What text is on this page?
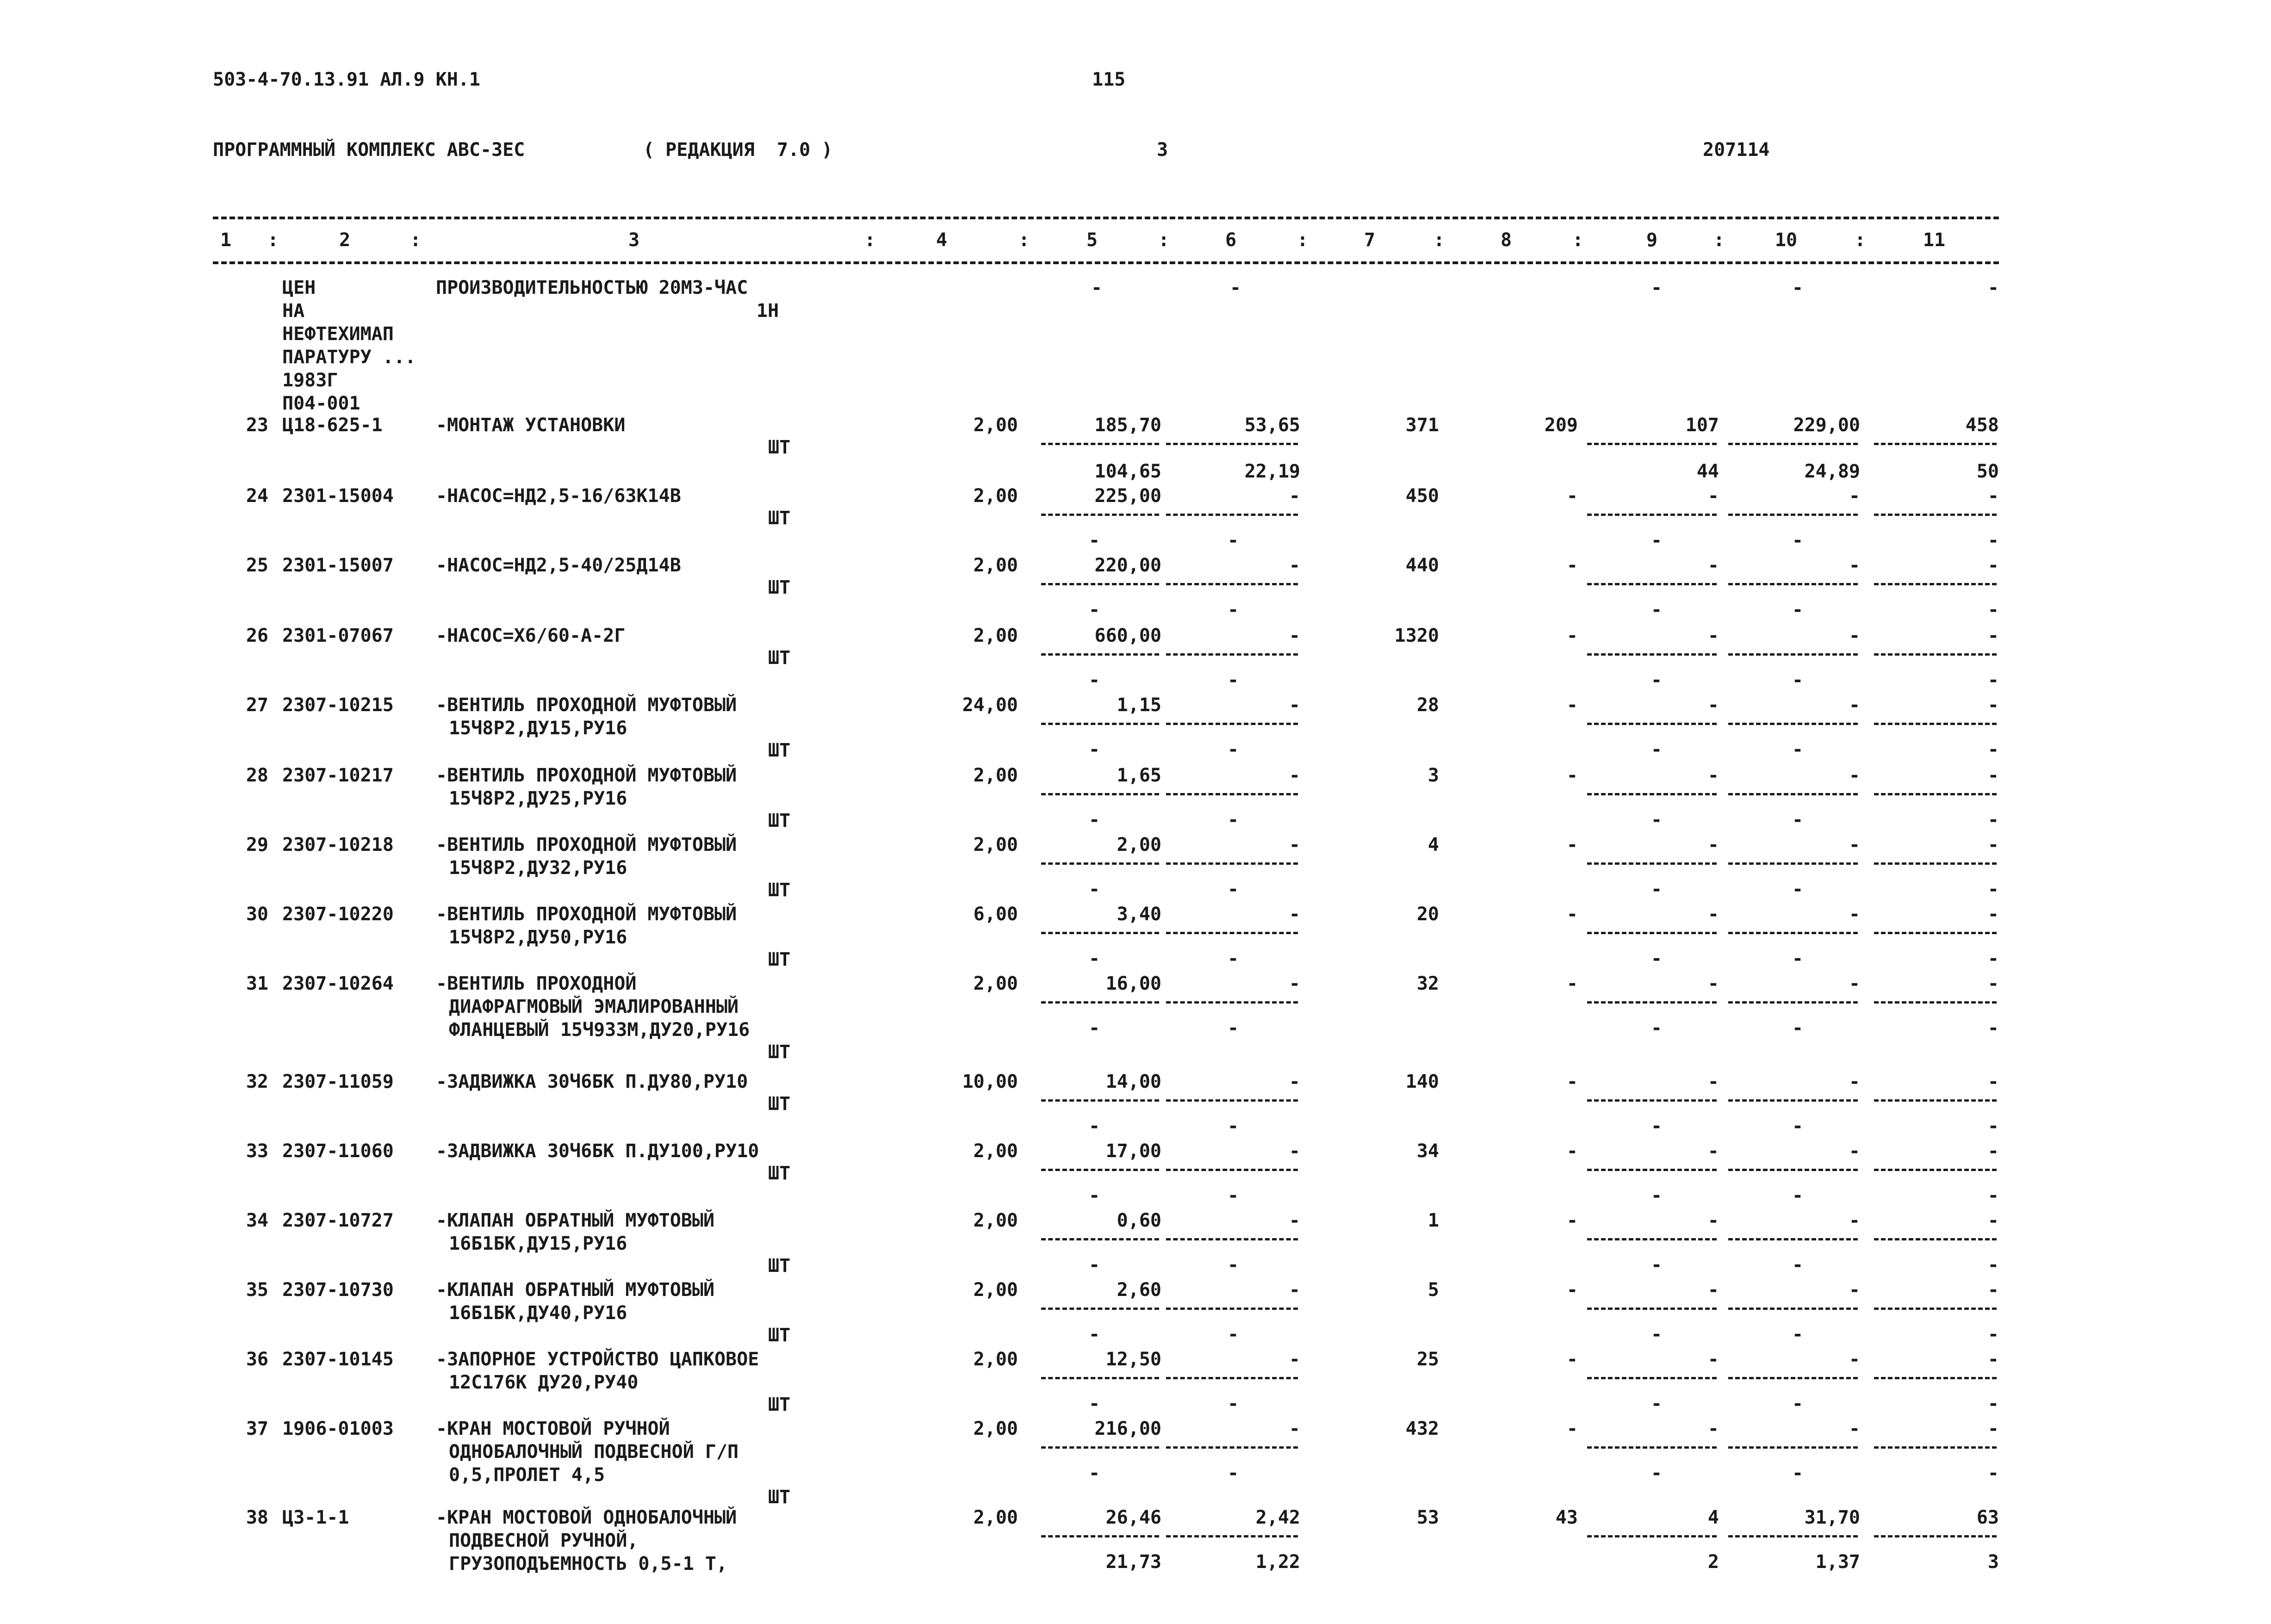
503-4-70.13.91 АЛ.9 КН.1	115
ПРОГРАММНЫЙ КОМПЛЕКС АВС-3ЕС	( РЕДАКЦИЯ  7.0 )	3	207114
1	:	2	:	3	:	4	:	5	:	6	:	7	:	8	:	9	:	10	:	11
ЦЕН
НА
НЕФТЕХИМАП
ПАРАТУРУ ...
1983Г
П04-001
ПРОИЗВОДИТЕЛЬНОСТЬЮ 20М3-ЧАС
1Н
-	-	-	-	-
23 Ц18-625-1	-МОНТАЖ УСТАНОВКИ	2,00	185,70	53,65	371	209	107	229,00	458
ШТ
104,65	22,19	44	24,89	50
24 2301-15004 -НАСОС=НД2,5-16/63К14В	2,00	225,00	-	450	-	-	-	-
ШТ
-	-	-	-	-
25 2301-15007 -НАСОС=НД2,5-40/25Д14В	2,00	220,00	-	440	-	-	-	-
ШТ
-	-	-	-	-
26 2301-07067 -НАСОС=Х6/60-А-2Г	2,00	660,00	-	1320	-	-	-	-
ШТ
-	-	-	-	-
27 2307-10215 -ВЕНТИЛЬ ПРОХОДНОЙ МУФТОВЫЙ
15Ч8Р2,ДУ15,РУ16
24,00	1,15	-	28	-	-	-	-
ШТ	-	-	-	-	-
28 2307-10217 -ВЕНТИЛЬ ПРОХОДНОЙ МУФТОВЫЙ
15Ч8Р2,ДУ25,РУ16
2,00	1,65	-	3	-	-	-	-
ШТ	-	-	-	-	-
29 2307-10218 -ВЕНТИЛЬ ПРОХОДНОЙ МУФТОВЫЙ
15Ч8Р2,ДУ32,РУ16
2,00	2,00	-	4	-	-	-	-
ШТ	-	-	-	-	-
30 2307-10220 -ВЕНТИЛЬ ПРОХОДНОЙ МУФТОВЫЙ
15Ч8Р2,ДУ50,РУ16
6,00	3,40	-	20	-	-	-	-
ШТ	-	-	-	-	-
31 2307-10264 -ВЕНТИЛЬ ПРОХОДНОЙ
ДИАФРАГМОВЫЙ ЭМАЛИРОВАННЫЙ
ФЛАНЦЕВЫЙ 15Ч933М,ДУ20,РУ16
2,00	16,00	-	32	-	-	-	-
ШТ
-	-	-	-	-
32 2307-11059 -ЗАДВИЖКА 30Ч6БК П.ДУ80,РУ10	10,00	14,00	-	140	-	-	-	-
ШТ
-	-	-	-	-
33 2307-11060 -ЗАДВИЖКА 30Ч6БК П.ДУ100,РУ10	2,00	17,00	-	34	-	-	-	-
ШТ
-	-	-	-	-
34 2307-10727 -КЛАПАН ОБРАТНЫЙ МУФТОВЫЙ
16Б1БК,ДУ15,РУ16
2,00	0,60	-	1	-	-	-	-
ШТ	-	-	-	-	-
35 2307-10730 -КЛАПАН ОБРАТНЫЙ МУФТОВЫЙ
16Б1БК,ДУ40,РУ16
2,00	2,60	-	5	-	-	-	-
ШТ	-	-	-	-	-
36 2307-10145 -ЗАПОРНОЕ УСТРОЙСТВО ЦАПКОВОЕ
12С176К ДУ20,РУ40
2,00	12,50	-	25	-	-	-	-
ШТ	-	-	-	-	-
37 1906-01003 -КРАН МОСТОВОЙ РУЧНОЙ
ОДНОБАЛОЧНЫЙ ПОДВЕСНОЙ Г/П
0,5,ПРОЛЕТ 4,5
2,00	216,00	-	432	-	-	-	-
ШТ
-	-	-	-	-
38 Ц3-1-1	-КРАН МОСТОВОЙ ОДНОБАЛОЧНЫЙ
ПОДВЕСНОЙ РУЧНОЙ,
ГРУЗОПОДЪЕМНОСТЬ 0,5-1 Т,
2,00	26,46	2,42	53	43	4	31,70	63
21,73	1,22	2	1,37	3
